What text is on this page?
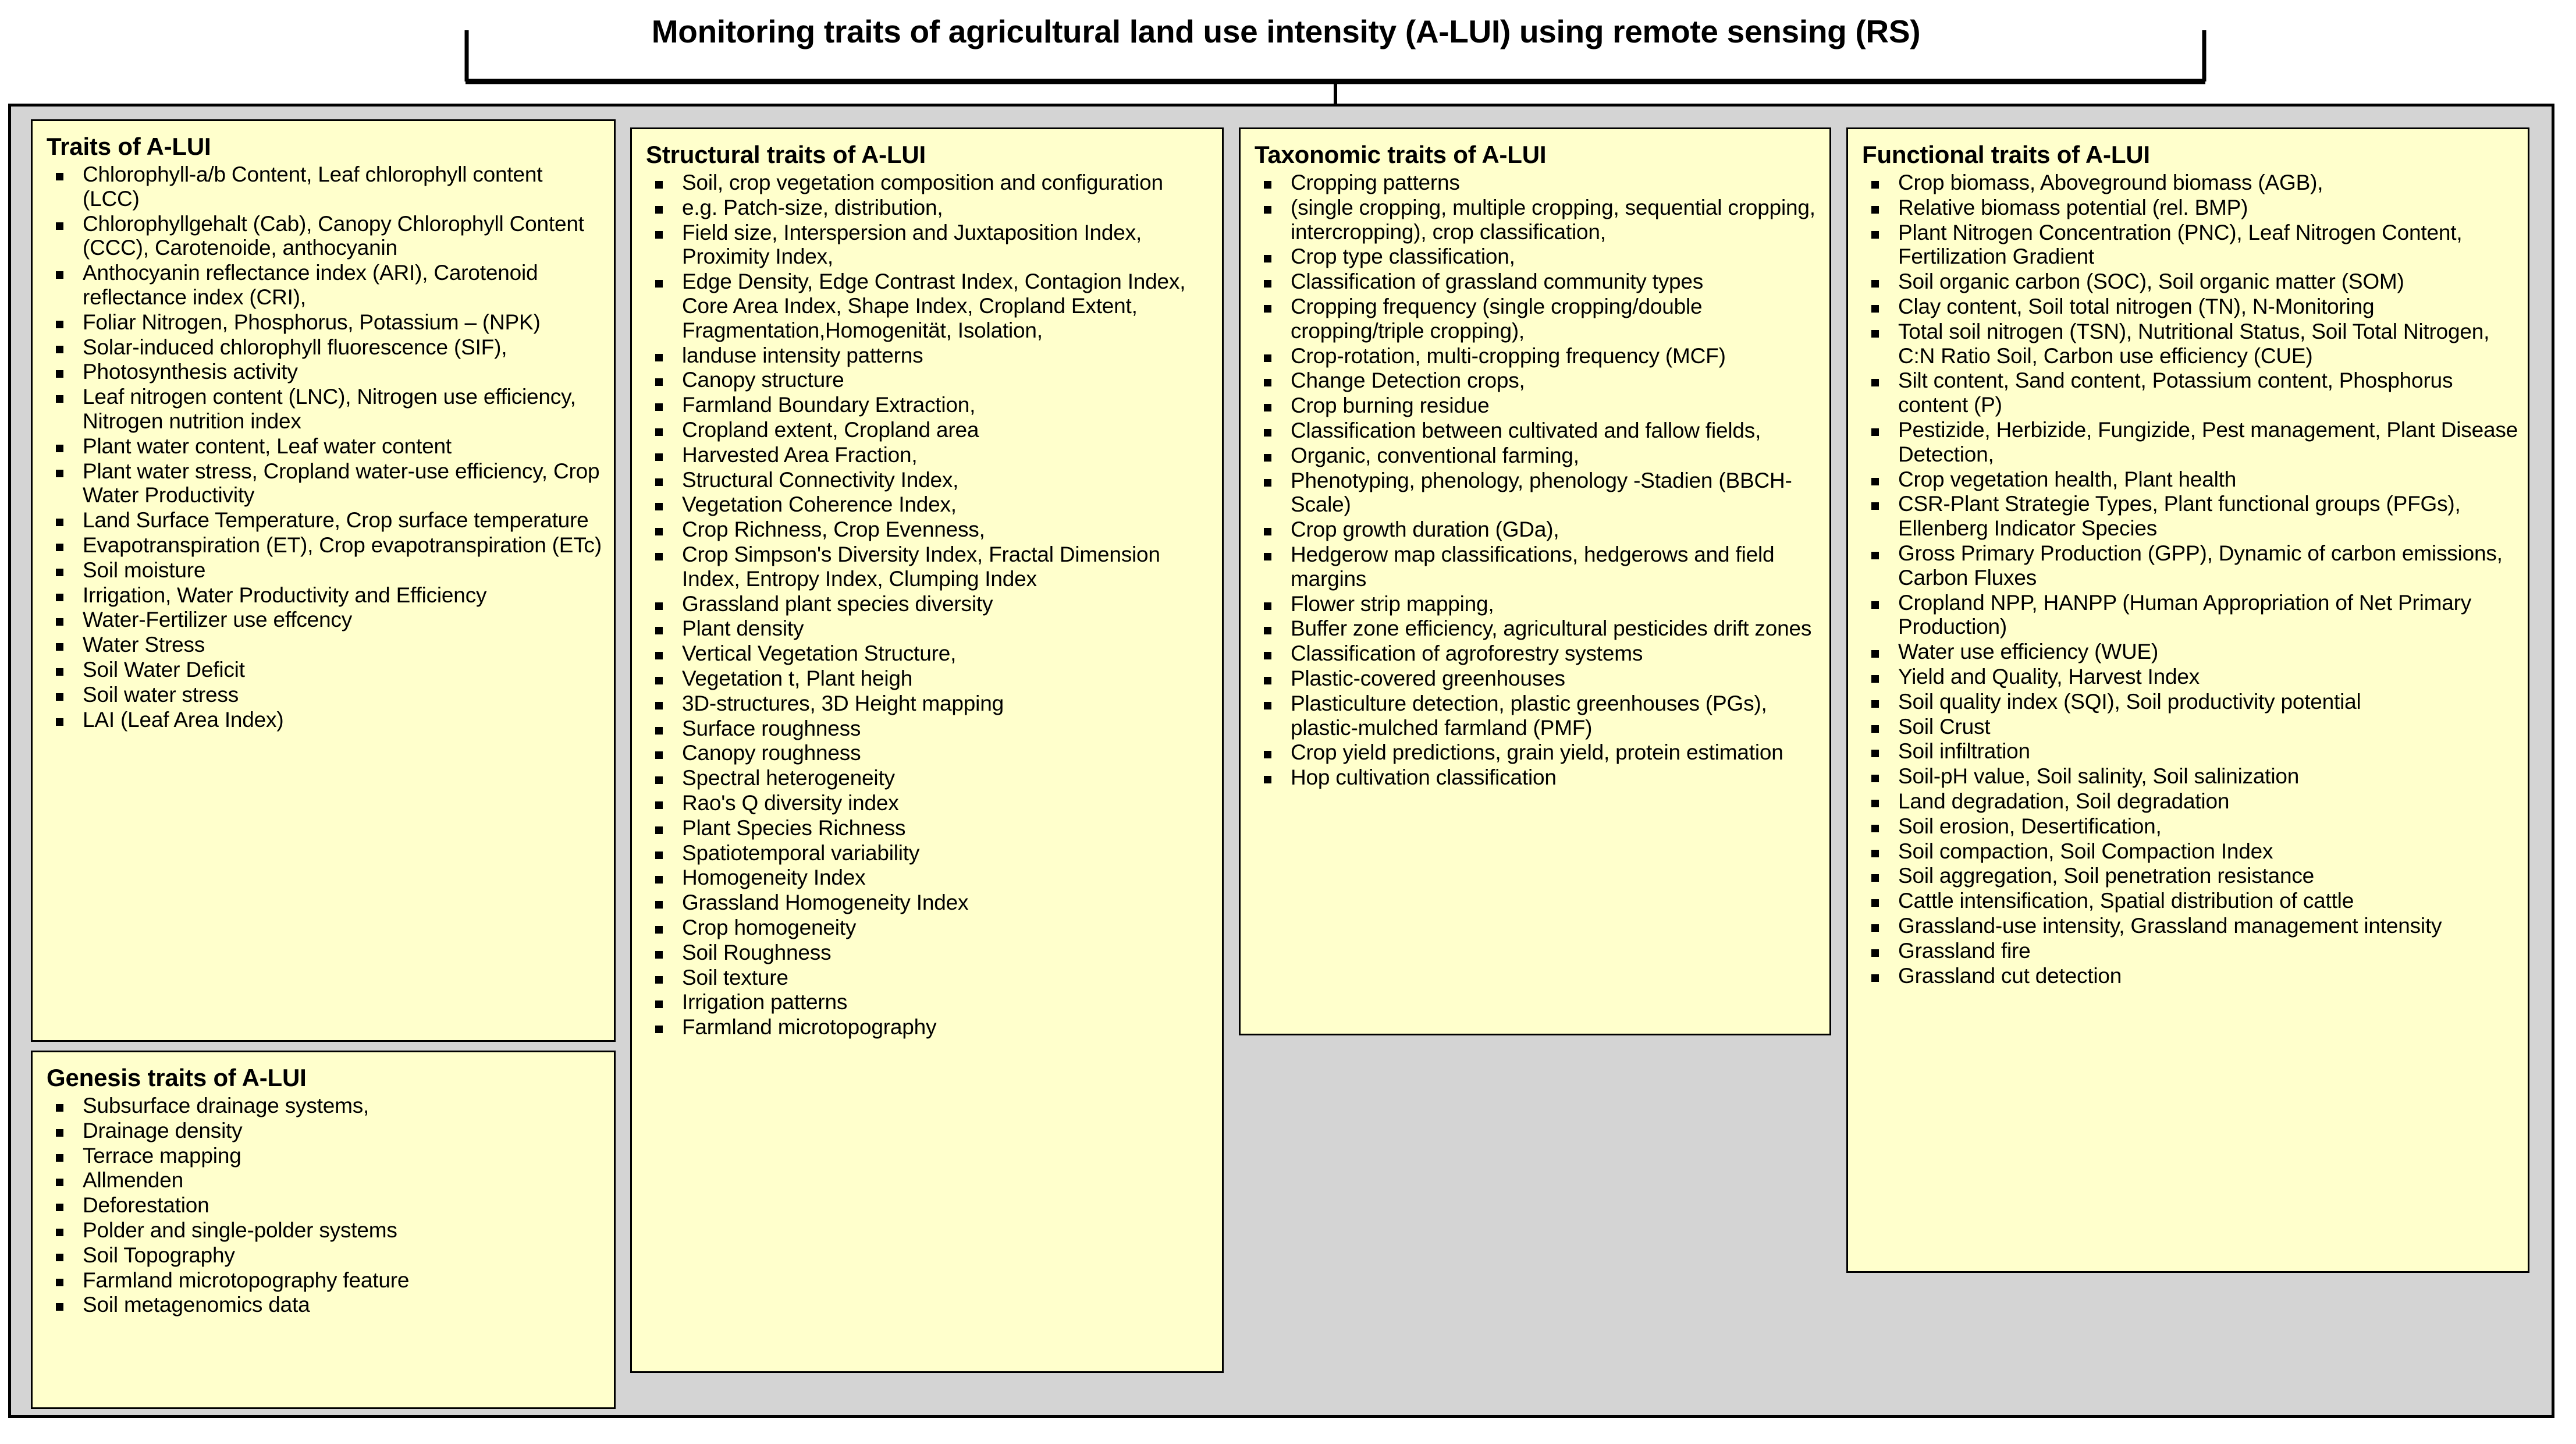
Monitoring traits of agricultural land use intensity (A-LUI) using remote sensing (RS)
Traits of A-LUI
Chlorophyll-a/b Content, Leaf chlorophyll content (LCC)
Chlorophyllgehalt (Cab), Canopy Chlorophyll Content (CCC), Carotenoide, anthocyanin
Anthocyanin reflectance index (ARI), Carotenoid reflectance index (CRI),
Foliar Nitrogen, Phosphorus, Potassium – (NPK)
Solar-induced chlorophyll fluorescence (SIF),
Photosynthesis activity
Leaf nitrogen content (LNC), Nitrogen use efficiency, Nitrogen nutrition index
Plant water content, Leaf water content
Plant water stress, Cropland water-use efficiency, Crop Water Productivity
Land Surface Temperature, Crop surface temperature
Evapotranspiration (ET), Crop evapotranspiration (ETc)
Soil moisture
Irrigation, Water Productivity and Efficiency
Water-Fertilizer use effcency
Water Stress
Soil Water Deficit
Soil water stress
LAI (Leaf Area Index)
Genesis traits of A-LUI
Subsurface drainage systems,
Drainage density
Terrace mapping
Allmenden
Deforestation
Polder and single-polder systems
Soil Topography
Farmland microtopography feature
Soil metagenomics data
Structural traits of A-LUI
Soil, crop vegetation composition and configuration
e.g. Patch-size, distribution,
Field size, Interspersion and Juxtaposition Index, Proximity Index,
Edge Density, Edge Contrast Index, Contagion Index, Core Area Index, Shape Index, Cropland Extent, Fragmentation,Homogenität, Isolation,
landuse intensity patterns
Canopy structure
Farmland Boundary Extraction,
Cropland extent, Cropland area
Harvested Area Fraction,
Structural Connectivity Index,
Vegetation Coherence Index,
Crop Richness, Crop Evenness,
Crop Simpson's Diversity Index, Fractal Dimension Index, Entropy Index, Clumping Index
Grassland plant species diversity
Plant density
Vertical Vegetation Structure,
Vegetation t, Plant heigh
3D-structures, 3D Height mapping
Surface roughness
Canopy roughness
Spectral heterogeneity
Rao's Q diversity index
Plant Species Richness
Spatiotemporal variability
Homogeneity Index
Grassland Homogeneity Index
Crop homogeneity
Soil Roughness
Soil texture
Irrigation patterns
Farmland microtopography
Taxonomic traits of A-LUI
Cropping patterns
(single cropping, multiple cropping, sequential cropping, intercropping), crop classification,
Crop type classification,
Classification of grassland community types
Cropping frequency (single cropping/double cropping/triple cropping),
Crop-rotation, multi-cropping frequency (MCF)
Change Detection crops,
Crop burning residue
Classification between cultivated and fallow fields,
Organic, conventional farming,
Phenotyping, phenology, phenology -Stadien (BBCH-Scale)
Crop growth duration (GDa),
Hedgerow map classifications, hedgerows and field margins
Flower strip mapping,
Buffer zone efficiency, agricultural pesticides drift zones
Classification of agroforestry systems
Plastic-covered greenhouses
Plasticulture detection, plastic greenhouses (PGs), plastic-mulched farmland (PMF)
Crop yield predictions, grain yield, protein estimation
Hop cultivation classification
Functional traits of A-LUI
Crop biomass, Aboveground biomass (AGB),
Relative biomass potential (rel. BMP)
Plant Nitrogen Concentration (PNC), Leaf Nitrogen Content, Fertilization Gradient
Soil organic carbon (SOC), Soil organic matter (SOM)
Clay content, Soil total nitrogen (TN), N-Monitoring
Total soil nitrogen (TSN), Nutritional Status, Soil Total Nitrogen, C:N Ratio Soil, Carbon use efficiency (CUE)
Silt content, Sand content, Potassium content, Phosphorus content (P)
Pestizide, Herbizide, Fungizide, Pest management, Plant Disease Detection,
Crop vegetation health, Plant health
CSR-Plant Strategie Types, Plant functional groups (PFGs), Ellenberg Indicator Species
Gross Primary Production (GPP), Dynamic of carbon emissions, Carbon Fluxes
Cropland NPP, HANPP (Human Appropriation of Net Primary Production)
Water use efficiency (WUE)
Yield and Quality, Harvest Index
Soil quality index (SQI), Soil productivity potential
Soil Crust
Soil infiltration
Soil-pH value, Soil salinity, Soil salinization
Land degradation, Soil degradation
Soil erosion, Desertification,
Soil compaction, Soil Compaction Index
Soil aggregation, Soil penetration resistance
Cattle intensification, Spatial distribution of cattle
Grassland-use intensity, Grassland management intensity
Grassland fire
Grassland cut detection
